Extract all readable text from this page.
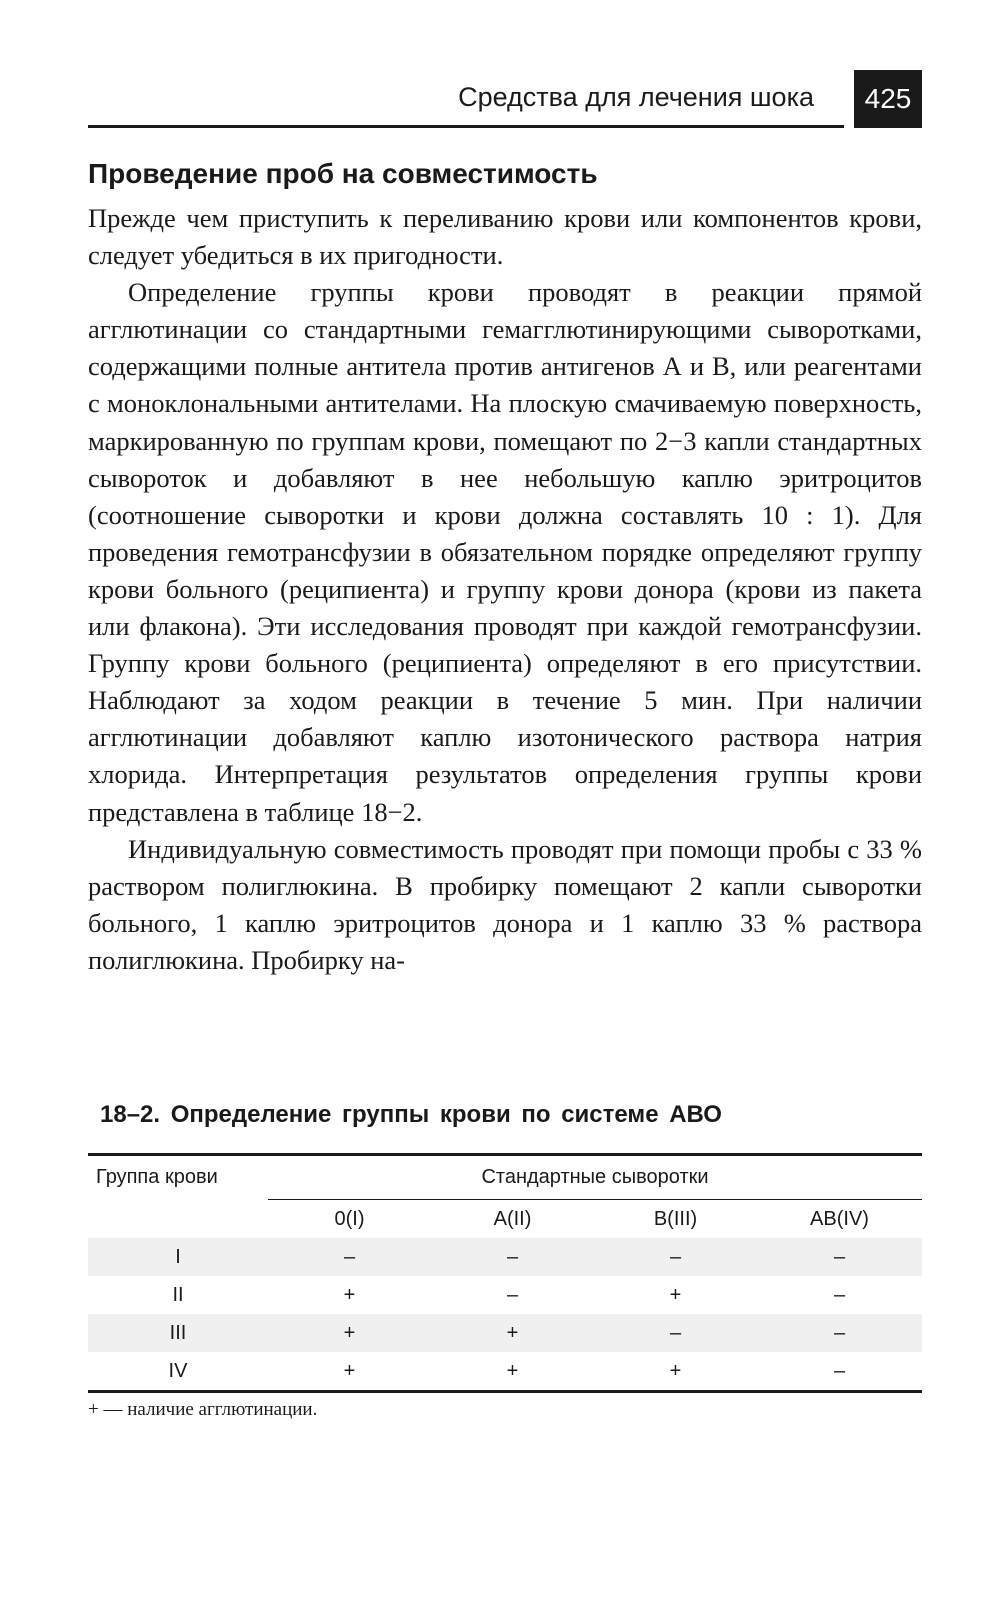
Средства для лечения шока	425
Проведение проб на совместимость

Прежде чем приступить к переливанию крови или компонентов крови, следует убедиться в их пригодности.

Определение группы крови проводят в реакции прямой агглютинации со стандартными гемагглютинирующими сыворотками, содержащими полные антитела против антигенов А и В, или реагентами с моноклональными антителами. На плоскую смачиваемую поверхность, маркированную по группам крови, помещают по 2−3 капли стандартных сывороток и добавляют в нее небольшую каплю эритроцитов (соотношение сыворотки и крови должна составлять 10 : 1). Для проведения гемотрансфузии в обязательном порядке определяют группу крови больного (реципиента) и группу крови донора (крови из пакета или флакона). Эти исследования проводят при каждой гемотрансфузии. Группу крови больного (реципиента) определяют в его присутствии. Наблюдают за ходом реакции в течение 5 мин. При наличии агглютинации добавляют каплю изотонического раствора натрия хлорида. Интерпретация результатов определения группы крови представлена в таблице 18−2.

Индивидуальную совместимость проводят при помощи пробы с 33 % раствором полиглюкина. В пробирку помещают 2 капли сыворотки больного, 1 каплю эритроцитов донора и 1 каплю 33 % раствора полиглюкина. Пробирку на-

18–2. Определение группы крови по системе АВО
Группа крови	Стандартные сыворотки			
	0(I)	A(II)	B(III)	AB(IV)
I	–	–	–	–
II	+	–	+	–
III	+	+	–	–
IV	+	+	+	–
+ — наличие агглютинации.
